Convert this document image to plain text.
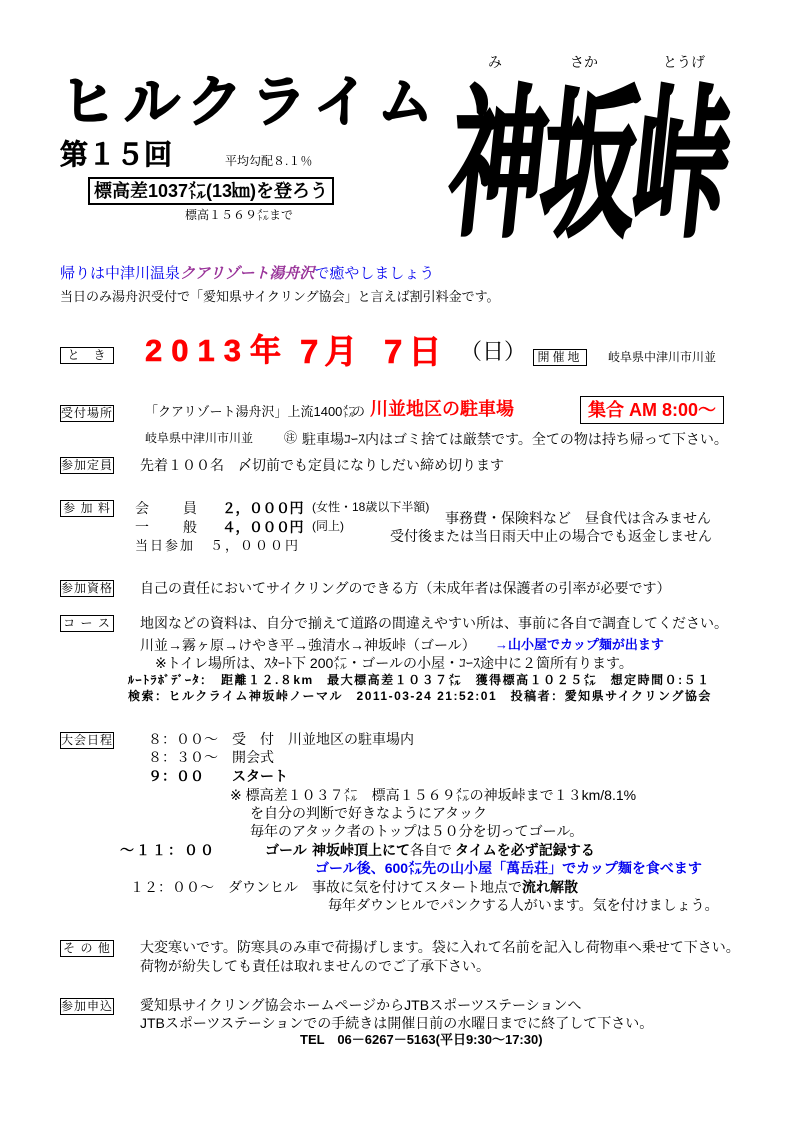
ヒルクライム
み	さか	とうげ
神坂峠
第１５回	平均勾配８.１％
標高差1037㍍(13㎞)を登ろう
標高１５６９㍍まで
帰りは中津川温泉クアリゾート湯舟沢で癒やしましょう
当日のみ湯舟沢受付で「愛知県サイクリング協会」と言えば割引料金です。
と　き 2013年 7月 7日 （日） 開催地	岐阜県中津川市川並
受付場所 「クアリゾート湯舟沢」上流1400㍍
の 川並地区の駐車場	集合 AM 8:00～
岐阜県中津川市川並 ㊟ 駐車場ｺｰｽ内はゴミ捨ては厳禁です。全ての物は持ち帰って下さい。
参加定員 先着１００名　〆切前でも定員になりしだい締め切ります
参 加 料 会　　員 ２，０００円 (女性・18歳以下半額)
一　　般 ４，０００円 (同上)
当日参加　５，０００円
事務費・保険料など　昼食代は含みません
受付後または当日雨天中止の場合でも返金しません
参加資格 自己の責任においてサイクリングのできる方（未成年者は保護者の引率が必要です）
コ ー ス 地図などの資料は、自分で揃えて道路の間違えやすい所は、事前に各自で調査してください。
川並→霧ヶ原→けやき平→強清水→神坂峠（ゴール） →山小屋でカップ麺が出ます
※トイレ場所は、ｽﾀｰﾄ下 200㍍・ゴールの小屋・ｺｰｽ途中に２箇所有ります。
ﾙｰﾄﾗﾎﾞﾃﾞｰﾀ：　距離１２.８km　最大標高差１０３７㍍　獲得標高１０２５㍍　想定時間０:５１
検索：ヒルクライム神坂峠ノーマル　2011-03-24 21:52:01　投稿者：愛知県サイクリング協会
大会日程 ８：００～　受　付　川並地区の駐車場内
８：３０～　開会式
９：００　　スタート
※ 標高差１０３７㍍　標高１５６９㍍の神坂峠まで１３km/8.1%
を自分の判断で好きなようにアタック
毎年のアタック者のトップは５０分を切ってゴール。
～１１：００	ゴール 神坂峠頂上にて 各自で タイムを必ず記録する
ゴール後、600㍍先の山小屋「萬岳荘」でカップ麺を食べます
１２：００～　ダウンヒル　事故に気を付けてスタート地点で流れ解散
毎年ダウンヒルでパンクする人がいます。気を付けましょう。
そ の 他 大変寒いです。防寒具のみ車で荷揚げします。袋に入れて名前を記入し荷物車へ乗せて下さい。
荷物が紛失しても責任は取れませんのでご了承下さい。
参加申込 愛知県サイクリング協会ホームページからJTBスポーツステーションへ
JTBスポーツステーションでの手続きは開催日前の水曜日までに終了して下さい。
TEL　06－6267－5163(平日9:30～17:30)
